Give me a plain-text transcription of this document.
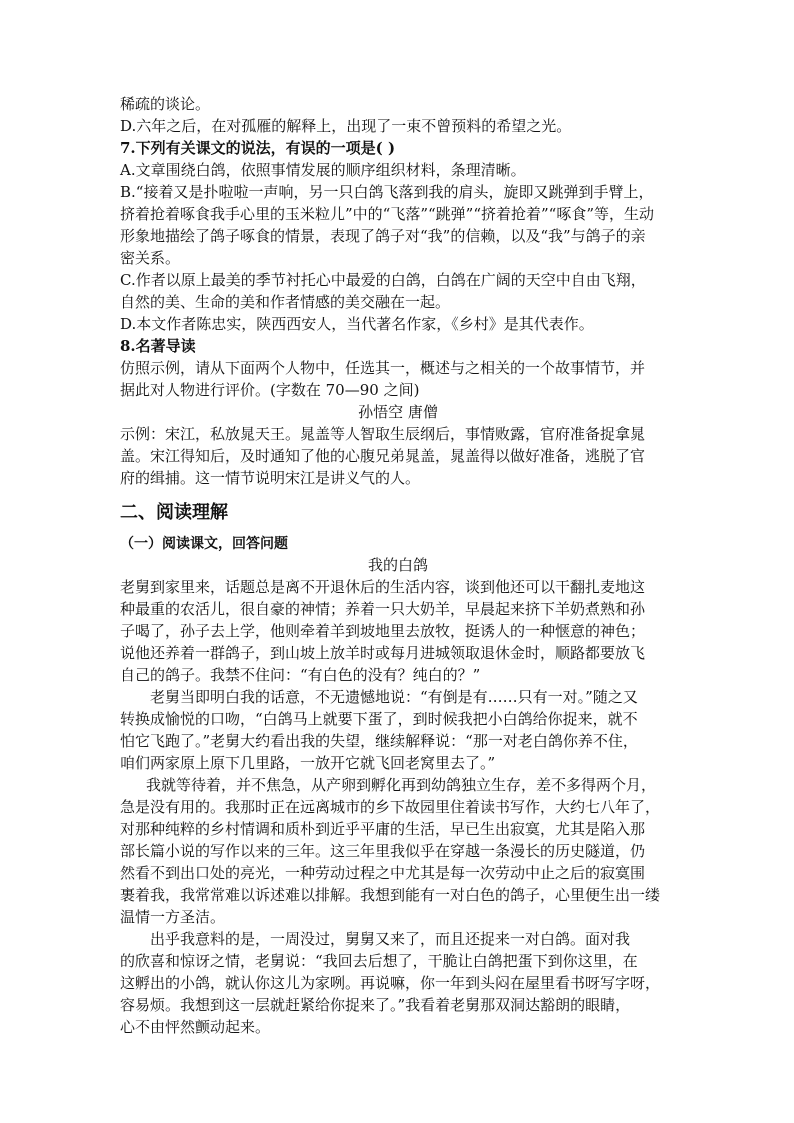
稀疏的谈论。

D.六年之后，在对孤雁的解释上，出现了一束不曾预料的希望之光。

7.下列有关课文的说法，有误的一项是( )

A.文章围绕白鸽，依照事情发展的顺序组织材料，条理清晰。

B.“接着又是扑啦啦一声响，另一只白鸽飞落到我的肩头，旋即又跳弹到手臂上，

挤着抢着啄食我手心里的玉米粒儿”中的“飞落”“跳弹”“挤着抢着”“啄食”等，生动

形象地描绘了鸽子啄食的情景，表现了鸽子对“我”的信赖，以及“我”与鸽子的亲

密关系。

C.作者以原上最美的季节衬托心中最爱的白鸽，白鸽在广阔的天空中自由飞翔，

自然的美、生命的美和作者情感的美交融在一起。

D.本文作者陈忠实，陕西西安人，当代著名作家，《乡村》是其代表作。

8.名著导读

仿照示例，请从下面两个人物中，任选其一，概述与之相关的一个故事情节，并

据此对人物进行评价。(字数在 70—90 之间)

孙悟空 唐僧

示例：宋江，私放晁天王。晁盖等人智取生辰纲后，事情败露，官府准备捉拿晁

盖。宋江得知后，及时通知了他的心腹兄弟晁盖，晁盖得以做好准备，逃脱了官

府的缉捕。这一情节说明宋江是讲义气的人。

二、阅读理解
（一）阅读课文，回答问题

我的白鸽

老舅到家里来，话题总是离不开退休后的生活内容，谈到他还可以干翻扎麦地这

种最重的农活儿，很自豪的神情；养着一只大奶羊，早晨起来挤下羊奶煮熟和孙

子喝了，孙子去上学，他则牵着羊到坡地里去放牧，挺诱人的一种惬意的神色；

说他还养着一群鸽子，到山坡上放羊时或每月进城领取退休金时，顺路都要放飞

自己的鸽子。我禁不住问：“有白色的没有？纯白的？”

老舅当即明白我的话意，不无遗憾地说：“有倒是有……只有一对。”随之又

转换成愉悦的口吻，“白鸽马上就要下蛋了，到时候我把小白鸽给你捉来，就不

怕它飞跑了。”老舅大约看出我的失望，继续解释说：“那一对老白鸽你养不住，

咱们两家原上原下几里路，一放开它就飞回老窝里去了。”

我就等待着，并不焦急，从产卵到孵化再到幼鸽独立生存，差不多得两个月，

急是没有用的。我那时正在远离城市的乡下故园里住着读书写作，大约七八年了，

对那种纯粹的乡村情调和质朴到近乎平庸的生活，早已生出寂寞，尤其是陷入那

部长篇小说的写作以来的三年。这三年里我似乎在穿越一条漫长的历史隧道，仍

然看不到出口处的亮光，一种劳动过程之中尤其是每一次劳动中止之后的寂寞围

裹着我，我常常难以诉述难以排解。我想到能有一对白色的鸽子，心里便生出一缕

温情一方圣洁。

出乎我意料的是，一周没过，舅舅又来了，而且还捉来一对白鸽。面对我

的欣喜和惊讶之情，老舅说：“我回去后想了，干脆让白鸽把蛋下到你这里，在

这孵出的小鸽，就认你这儿为家咧。再说嘛，你一年到头闷在屋里看书呀写字呀，

容易烦。我想到这一层就赶紧给你捉来了。”我看着老舅那双洞达豁朗的眼睛，

心不由怦然颤动起来。
